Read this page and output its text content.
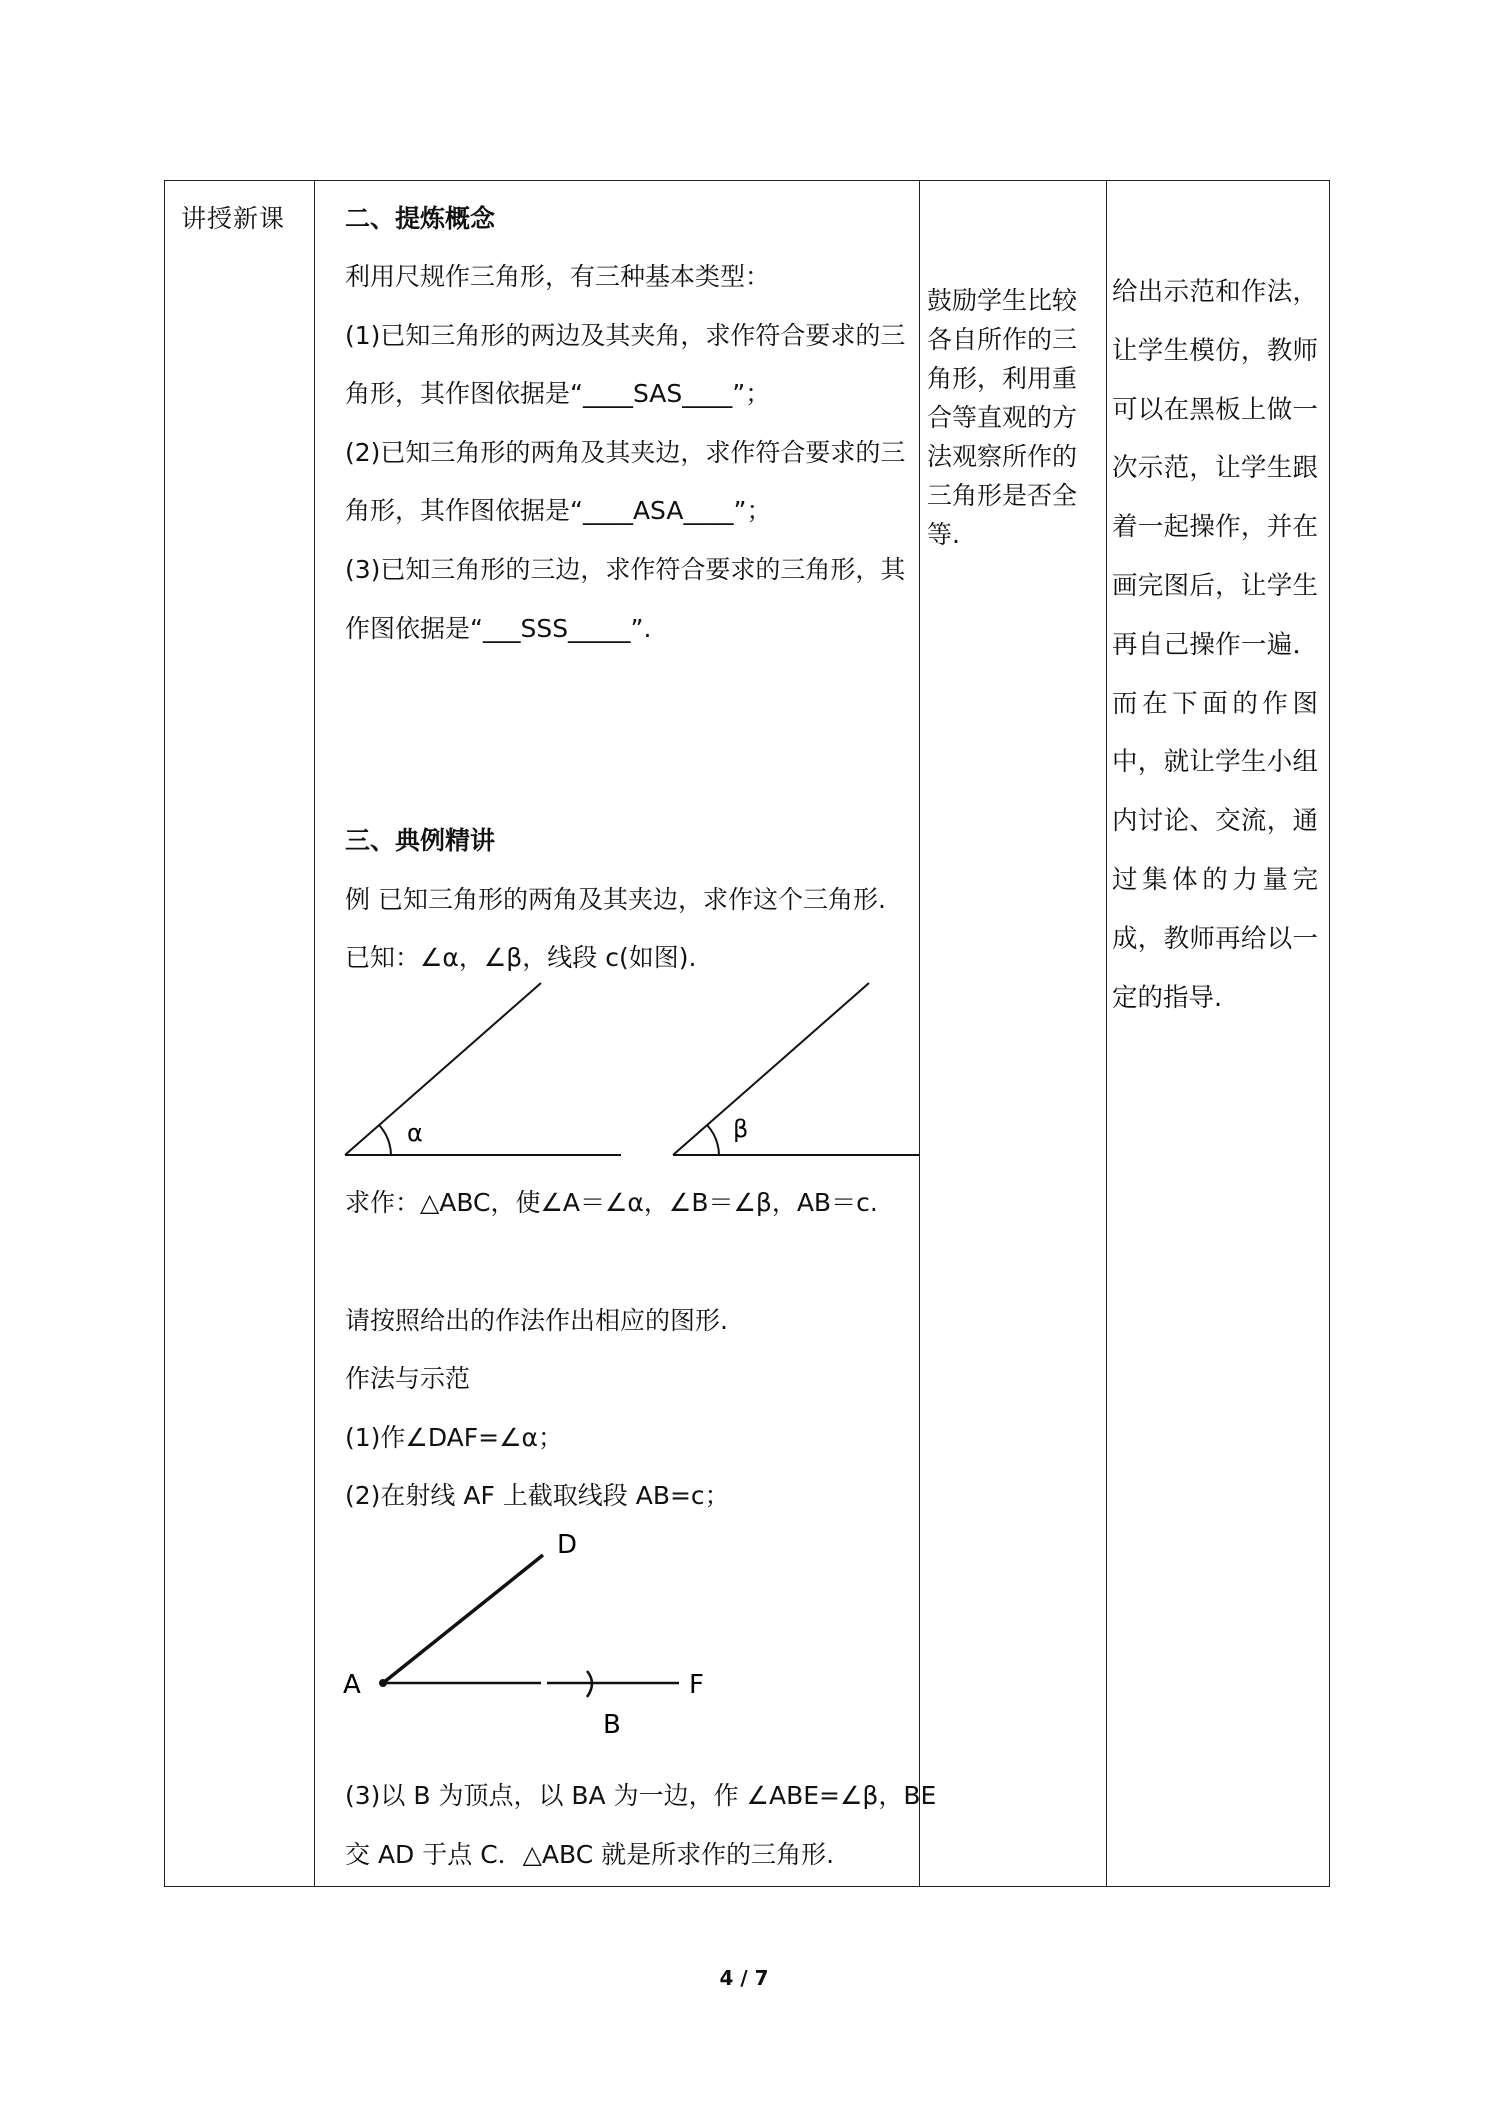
讲授新课 二、提炼概念
利用尺规作三角形，有三种基本类型：
(1)已知三角形的两边及其夹角，求作符合要求的三
角形，其作图依据是“____SAS____”；
(2)已知三角形的两角及其夹边，求作符合要求的三
角形，其作图依据是“____ASA____”；
(3)已知三角形的三边，求作符合要求的三角形，其
作图依据是“___SSS_____”.
三、典例精讲
例 已知三角形的两角及其夹边，求作这个三角形.
已知：∠α，∠β，线段 c(如图).
α	β
求作：△ABC，使∠A＝∠α，∠B＝∠β，AB＝c.
请按照给出的作法作出相应的图形.
作法与示范
(1)作∠DAF=∠α；
(2)在射线 AF 上截取线段 AB=c；
A
D
F
B
(3)以 B 为顶点，以 BA 为一边，作 ∠ABE=∠β，BE
交 AD 于点 C．△ABC 就是所求作的三角形.
鼓励学生比较各自所作的三角形，利用重合等直观的方法观察所作的三角形是否全等.
给出示范和作法，让学生模仿，教师可以在黑板上做一次示范，让学生跟着一起操作，并在画完图后，让学生再自己操作一遍．而在下面的作图中，就让学生小组内讨论、交流，通过集体的力量完成，教师再给以一定的指导.
4 / 7
